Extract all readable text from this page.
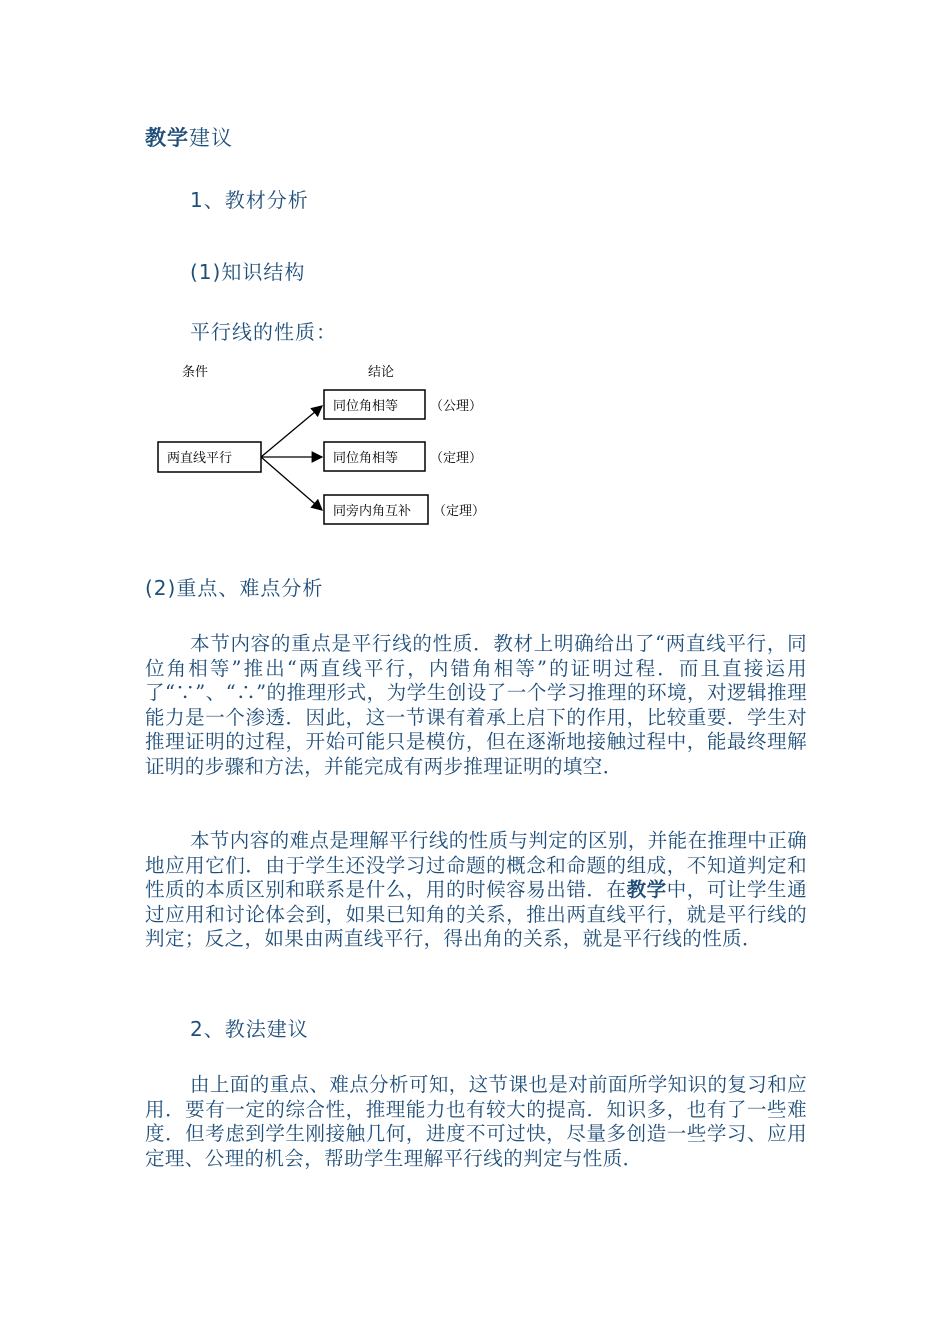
教学建议
1、教材分析
(1)知识结构
平行线的性质：
条件	结论
两直线平行
同位角相等 （公理）
同位角相等 （定理）
同旁内角互补 （定理）
(2)重点、难点分析
本节内容的重点是平行线的性质．教材上明确给出了“两直线平行，同位角相等”推出“两直线平行，内错角相等”的证明过程．而且直接运用了“∵”、“∴”的推理形式，为学生创设了一个学习推理的环境，对逻辑推理能力是一个渗透．因此，这一节课有着承上启下的作用，比较重要．学生对推理证明的过程，开始可能只是模仿，但在逐渐地接触过程中，能最终理解证明的步骤和方法，并能完成有两步推理证明的填空．
本节内容的难点是理解平行线的性质与判定的区别，并能在推理中正确地应用它们．由于学生还没学习过命题的概念和命题的组成，不知道判定和性质的本质区别和联系是什么，用的时候容易出错．在教学中，可让学生通过应用和讨论体会到，如果已知角的关系，推出两直线平行，就是平行线的判定；反之，如果由两直线平行，得出角的关系，就是平行线的性质．
2、教法建议
由上面的重点、难点分析可知，这节课也是对前面所学知识的复习和应用．要有一定的综合性，推理能力也有较大的提高．知识多，也有了一些难度．但考虑到学生刚接触几何，进度不可过快，尽量多创造一些学习、应用定理、公理的机会，帮助学生理解平行线的判定与性质．
